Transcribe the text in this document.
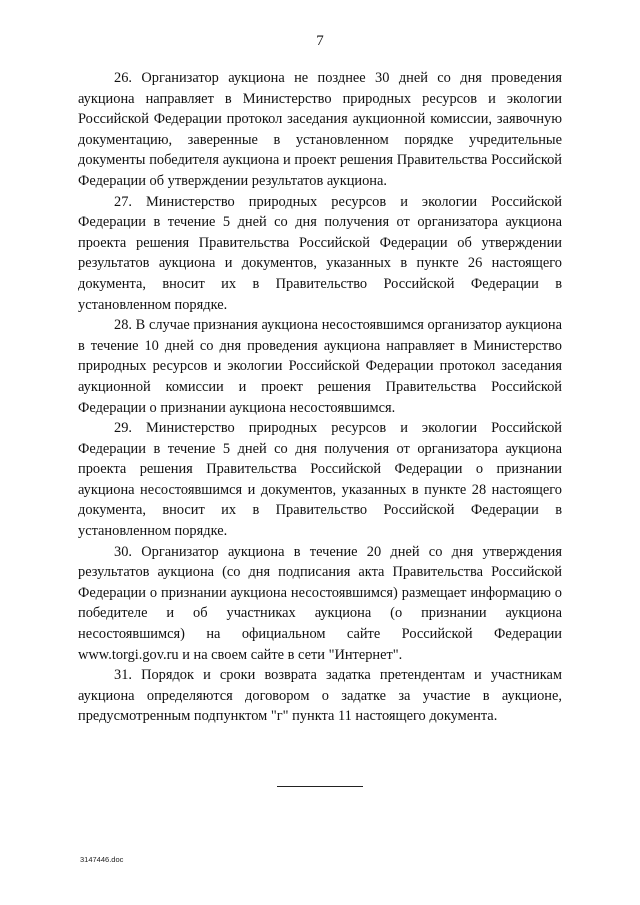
7

26. Организатор аукциона не позднее 30 дней со дня проведения аукциона направляет в Министерство природных ресурсов и экологии Российской Федерации протокол заседания аукционной комиссии, заявочную документацию, заверенные в установленном порядке учредительные документы победителя аукциона и проект решения Правительства Российской Федерации об утверждении результатов аукциона.

27. Министерство природных ресурсов и экологии Российской Федерации в течение 5 дней со дня получения от организатора аукциона проекта решения Правительства Российской Федерации об утверждении результатов аукциона и документов, указанных в пункте 26 настоящего документа, вносит их в Правительство Российской Федерации в установленном порядке.

28. В случае признания аукциона несостоявшимся организатор аукциона в течение 10 дней со дня проведения аукциона направляет в Министерство природных ресурсов и экологии Российской Федерации протокол заседания аукционной комиссии и проект решения Правительства Российской Федерации о признании аукциона несостоявшимся.

29. Министерство природных ресурсов и экологии Российской Федерации в течение 5 дней со дня получения от организатора аукциона проекта решения Правительства Российской Федерации о признании аукциона несостоявшимся и документов, указанных в пункте 28 настоящего документа, вносит их в Правительство Российской Федерации в установленном порядке.

30. Организатор аукциона в течение 20 дней со дня утверждения результатов аукциона (со дня подписания акта Правительства Российской Федерации о признании аукциона несостоявшимся) размещает информацию о победителе и об участниках аукциона (о признании аукциона несостоявшимся) на официальном сайте Российской Федерации www.torgi.gov.ru и на своем сайте в сети "Интернет".

31. Порядок и сроки возврата задатка претендентам и участникам аукциона определяются договором о задатке за участие в аукционе, предусмотренным подпунктом "г" пункта 11 настоящего документа.

3147446.doc
